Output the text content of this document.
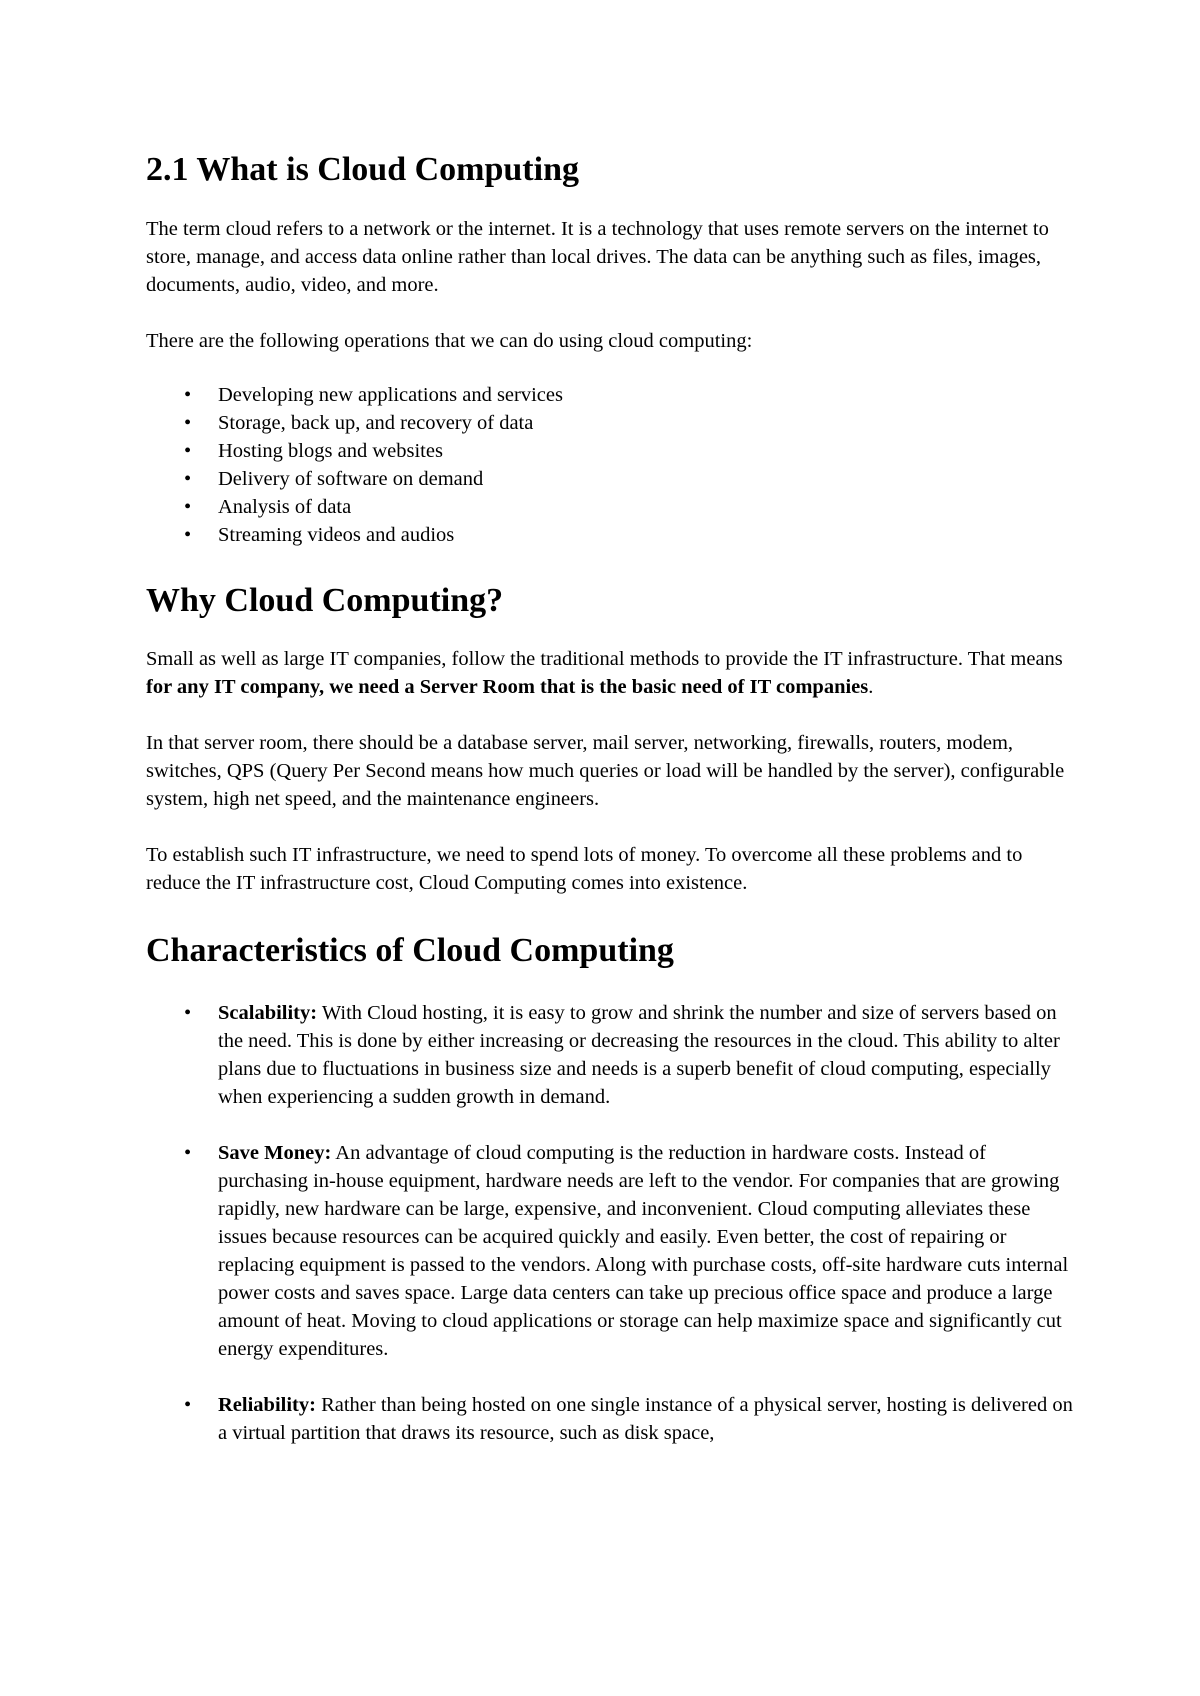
2.1 What is Cloud Computing

The term cloud refers to a network or the internet. It is a technology that uses remote servers on the internet to store, manage, and access data online rather than local drives. The data can be anything such as files, images, documents, audio, video, and more.

There are the following operations that we can do using cloud computing:

• Developing new applications and services
• Storage, back up, and recovery of data
• Hosting blogs and websites
• Delivery of software on demand
• Analysis of data
• Streaming videos and audios
Why Cloud Computing?

Small as well as large IT companies, follow the traditional methods to provide the IT infrastructure. That means for any IT company, we need a Server Room that is the basic need of IT companies.

In that server room, there should be a database server, mail server, networking, firewalls, routers, modem, switches, QPS (Query Per Second means how much queries or load will be handled by the server), configurable system, high net speed, and the maintenance engineers.

To establish such IT infrastructure, we need to spend lots of money. To overcome all these problems and to reduce the IT infrastructure cost, Cloud Computing comes into existence.

Characteristics of Cloud Computing
• Scalability: With Cloud hosting, it is easy to grow and shrink the number and size of servers based on the need. This is done by either increasing or decreasing the resources in the cloud. This ability to alter plans due to fluctuations in business size and needs is a superb benefit of cloud computing, especially when experiencing a sudden growth in demand.
• Save Money: An advantage of cloud computing is the reduction in hardware costs. Instead of purchasing in-house equipment, hardware needs are left to the vendor. For companies that are growing rapidly, new hardware can be large, expensive, and inconvenient. Cloud computing alleviates these issues because resources can be acquired quickly and easily. Even better, the cost of repairing or replacing equipment is passed to the vendors. Along with purchase costs, off-site hardware cuts internal power costs and saves space. Large data centers can take up precious office space and produce a large amount of heat. Moving to cloud applications or storage can help maximize space and significantly cut energy expenditures.
• Reliability: Rather than being hosted on one single instance of a physical server, hosting is delivered on a virtual partition that draws its resource, such as disk space,
